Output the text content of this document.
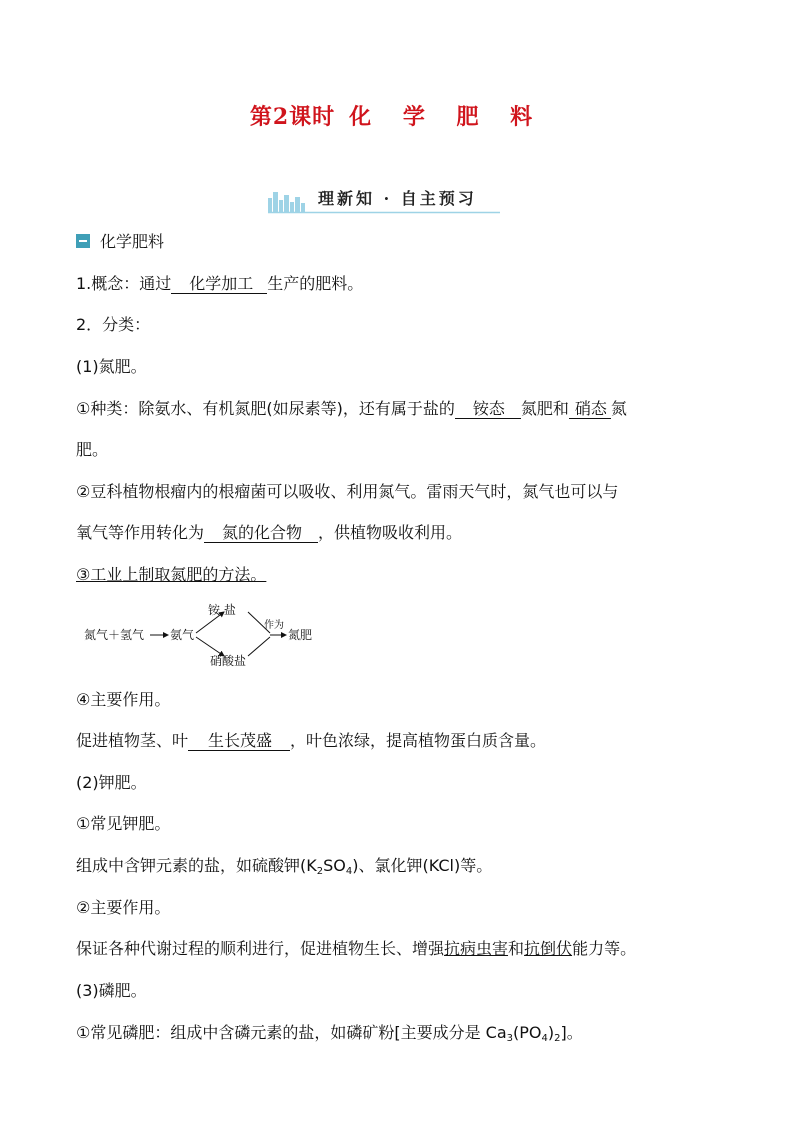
第2课时 化 学 肥 料
理新知 · 自主预习
化学肥料
1.概念：通过 化学加工 生产的肥料。
2．分类：
(1)氮肥。
①种类：除氨水、有机氮肥(如尿素等)，还有属于盐的 铵态 氮肥和 硝态 氮
肥。
②豆科植物根瘤内的根瘤菌可以吸收、利用氮气。雷雨天气时，氮气也可以与
氧气等作用转化为 氮的化合物 ，供植物吸收利用。
③工业上制取氮肥的方法。
氮气＋氢气 氨气
铵 盐
硝酸盐
作为
氮肥
④主要作用。
促进植物茎、叶 生长茂盛 ，叶色浓绿，提高植物蛋白质含量。
(2)钾肥。
①常见钾肥。
组成中含钾元素的盐，如硫酸钾$(K_2SO_4)$、氯化钾(KCl)等。
②主要作用。
保证各种代谢过程的顺利进行，促进植物生长、增强抗病虫害和抗倒伏能力等。
(3)磷肥。
①常见磷肥：组成中含磷元素的盐，如磷矿粉[主要成分是 $Ca_3(PO_4)_2$]。
